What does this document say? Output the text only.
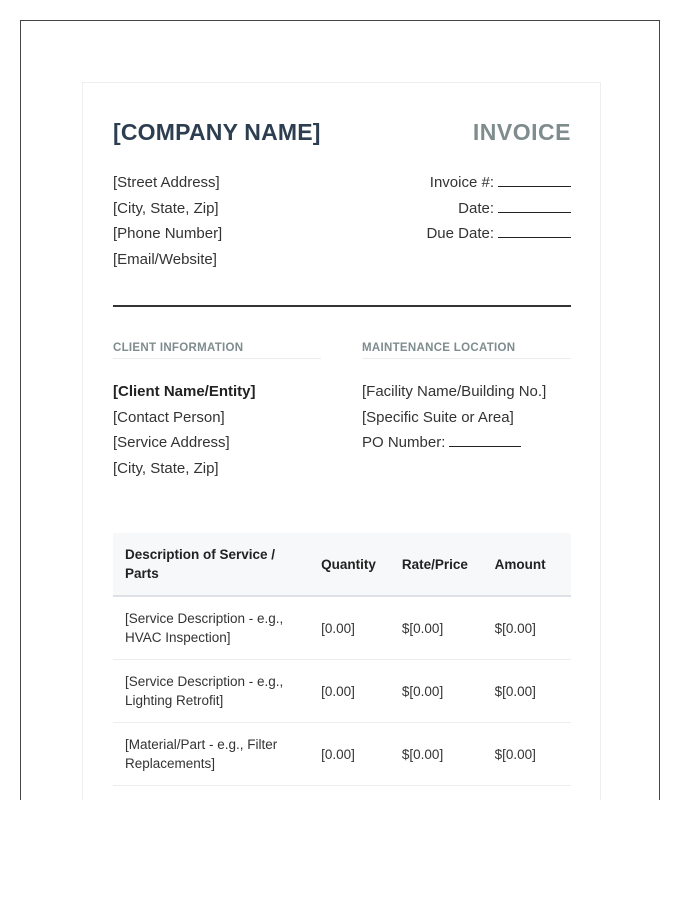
[COMPANY NAME]	INVOICE
[Street Address]
[City, State, Zip]
[Phone Number]
[Email/Website]
Invoice #:
Date:
Due Date:
CLIENT INFORMATION
[Client Name/Entity]
[Contact Person]
[Service Address]
[City, State, Zip]
MAINTENANCE LOCATION
[Facility Name/Building No.]
[Specific Suite or Area]
PO Number:
Description of Service / Parts	Quantity	Rate/Price	Amount
[Service Description - e.g., HVAC Inspection]	[0.00]	$[0.00]	$[0.00]
[Service Description - e.g., Lighting Retrofit]	[0.00]	$[0.00]	$[0.00]
[Material/Part - e.g., Filter Replacements]	[0.00]	$[0.00]	$[0.00]
